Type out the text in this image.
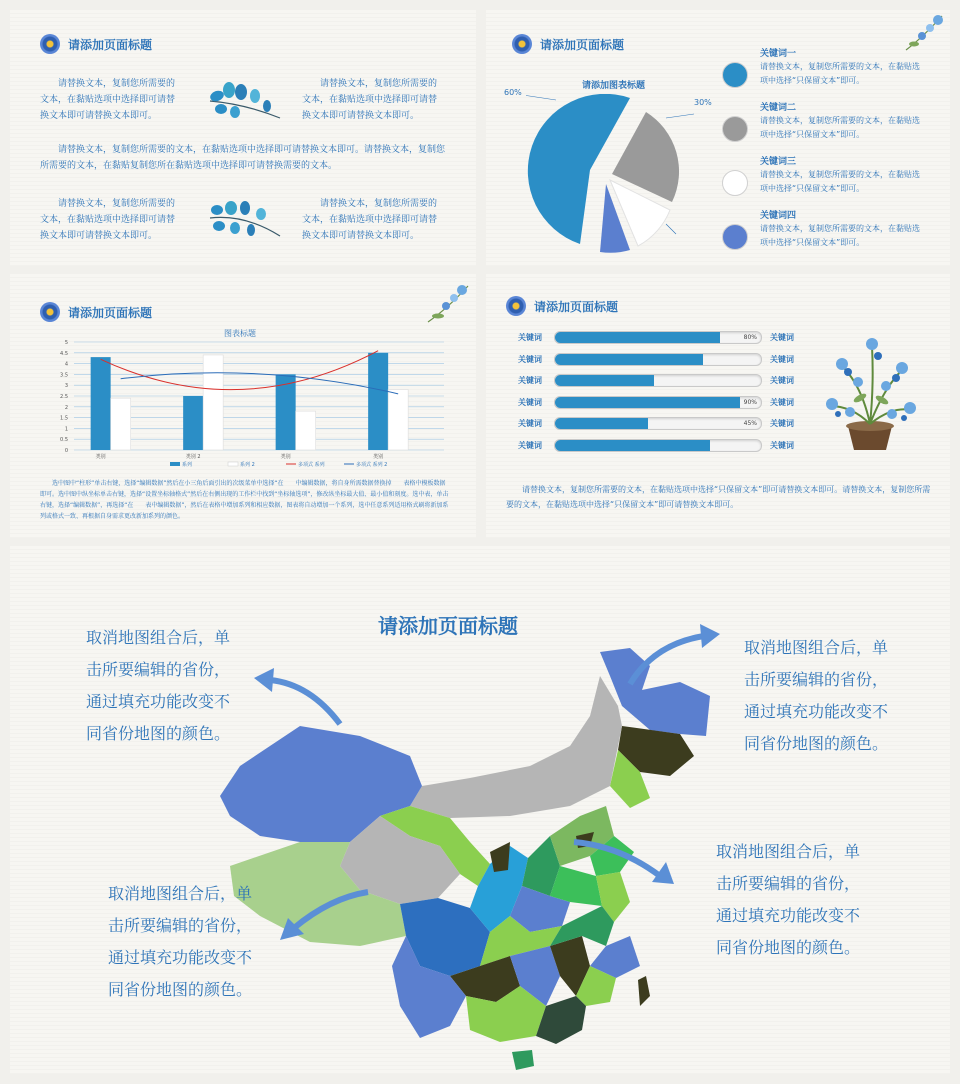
请添加页面标题
请替换文本，复制您所需要的文本，在黏贴选项中选择即可请替换文本即可请替换文本即可。
请替换文本，复制您所需要的文本，在黏贴选项中选择即可请替换文本即可请替换文本即可。
请替换文本，复制您所需要的文本，在黏贴选项中选择即可请替换文本即可。请替换文本，复制您所需要的文本，在黏贴复制您所在黏贴选项中选择即可请替换需要的文本。
请替换文本，复制您所需要的文本，在黏贴选项中选择即可请替换文本即可请替换文本即可。
请替换文本，复制您所需要的文本，在黏贴选项中选择即可请替换文本即可请替换文本即可。
请添加页面标题
请添加图表标题
60%
30%
关键词一
请替换文本，复制您所需要的文本，在黏贴选
项中选择“只保留文本”即可。
关键词二
请替换文本，复制您所需要的文本，在黏贴选
项中选择“只保留文本”即可。
关键词三
请替换文本，复制您所需要的文本，在黏贴选
项中选择“只保留文本”即可。
关键词四
请替换文本，复制您所需要的文本，在黏贴选
项中选择“只保留文本”即可。
请添加页面标题
图表标题
0
0.5
1
1.5
2
2.5
3
3.5
4
4.5
5
类别	类别 2	类别	类别
系列	系列 2	多项式 系列	多项式 系列 2
选中图中“柱形”单击右键，选择“编辑数据”然后在小三角后面引出的次级菜单中选择“在　　中编辑数据，将自身所需数据替换掉　　表格中模板数据即可。选中图中纵坐标单击右键，选择“设置坐标轴格式”然后在右侧出现的工作栏中找到“坐标轴选项”，修改纵坐标最大值、最小值和刻度。选中表，单击右键，选择“编辑数据”，再选择“在　　表中编辑数据”，然后在表格中增加系列和相应数据，图表将自动增加一个系列，选中任意系列适用格式刷将新加系列或格式一致、再根据自身需求更改新加系列的颜色。
请添加页面标题
关键词	80% 关键词
关键词	关键词
关键词	关键词
关键词	90% 关键词
关键词	45% 关键词
关键词	关键词
请替换文本，复制您所需要的文本，在黏贴选项中选择“只保留文本”即可请替换文本即可。请替换文本，复制您所需要的文本，在黏贴选项中选择“只保留文本”即可请替换文本即可。
请添加页面标题
取消地图组合后，单
击所要编辑的省份，
通过填充功能改变不
同省份地图的颜色。
取消地图组合后，单
击所要编辑的省份，
通过填充功能改变不
同省份地图的颜色。
取消地图组合后，单
击所要编辑的省份，
通过填充功能改变不
同省份地图的颜色。
取消地图组合后，单
击所要编辑的省份，
通过填充功能改变不
同省份地图的颜色。
